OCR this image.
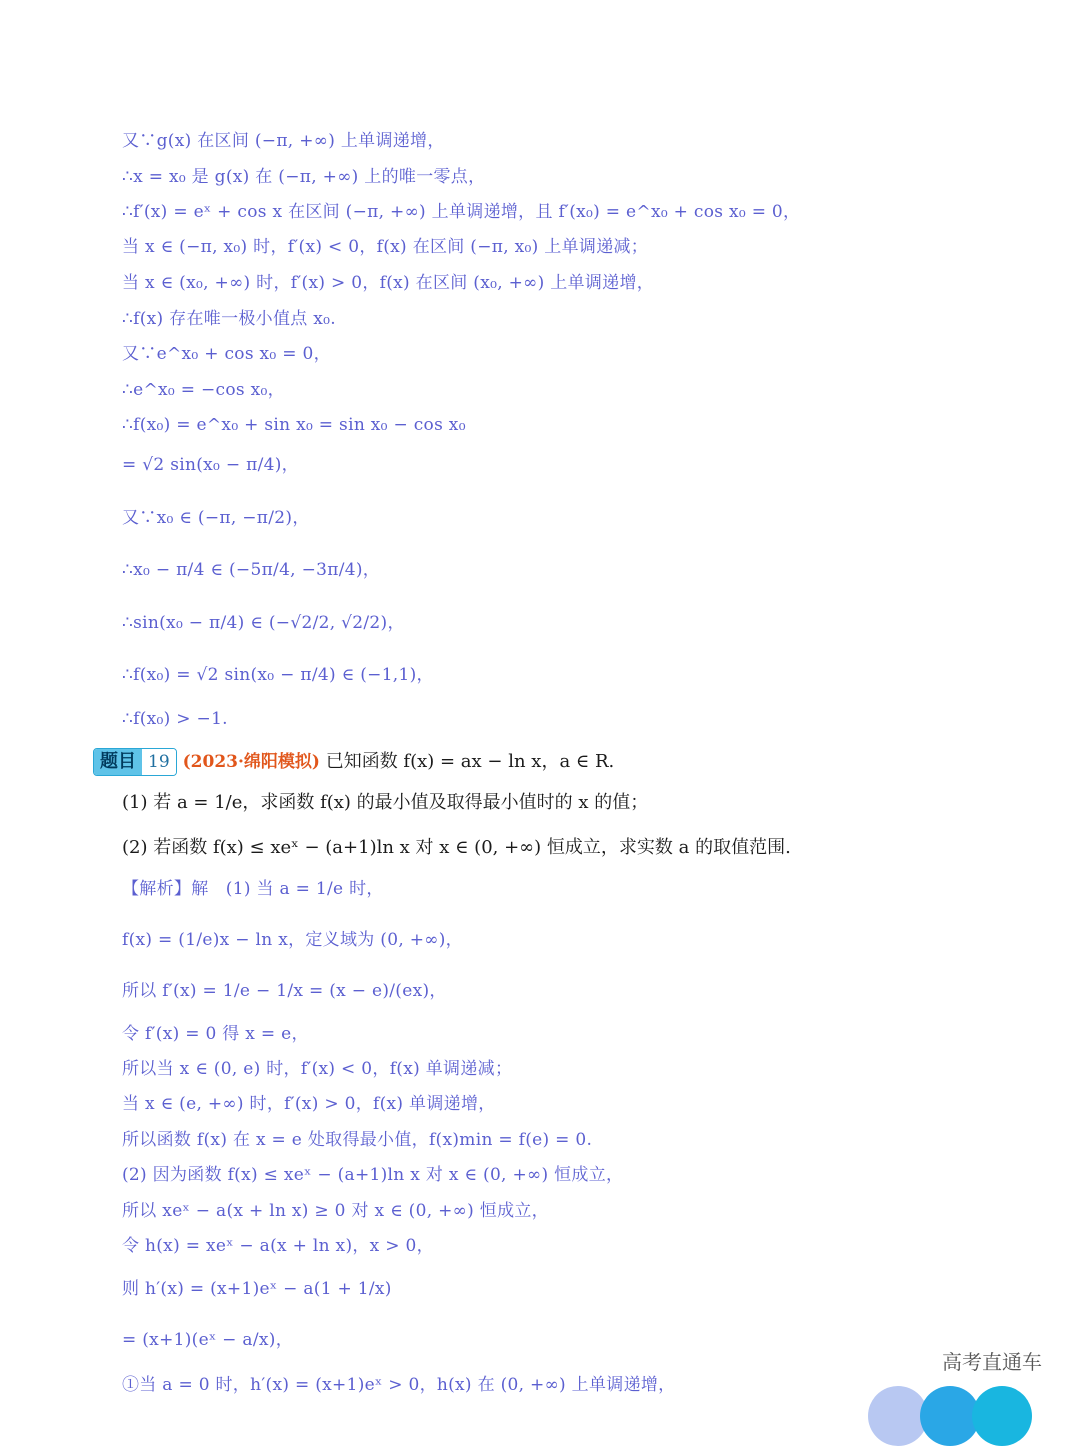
又∵g(x) 在区间 (−π, +∞) 上单调递增，
∴x = x₀ 是 g(x) 在 (−π, +∞) 上的唯一零点，
∴f′(x) = eˣ + cos x 在区间 (−π, +∞) 上单调递增，且 f′(x₀) = e^x₀ + cos x₀ = 0，
当 x ∈ (−π, x₀) 时，f′(x) < 0，f(x) 在区间 (−π, x₀) 上单调递减；
当 x ∈ (x₀, +∞) 时，f′(x) > 0，f(x) 在区间 (x₀, +∞) 上单调递增，
∴f(x) 存在唯一极小值点 x₀.
又∵e^x₀ + cos x₀ = 0，
∴e^x₀ = −cos x₀，
∴f(x₀) = e^x₀ + sin x₀ = sin x₀ − cos x₀
= √2 sin(x₀ − π/4)，
又∵x₀ ∈ (−π, −π/2)，
∴x₀ − π/4 ∈ (−5π/4, −3π/4)，
∴sin(x₀ − π/4) ∈ (−√2/2, √2/2)，
∴f(x₀) = √2 sin(x₀ − π/4) ∈ (−1,1)，
∴f(x₀) > −1.
题目 19 (2023·绵阳模拟) 已知函数 f(x) = ax − ln x，a ∈ R.
(1) 若 a = 1/e，求函数 f(x) 的最小值及取得最小值时的 x 的值；
(2) 若函数 f(x) ≤ xeˣ − (a+1)ln x 对 x ∈ (0, +∞) 恒成立，求实数 a 的取值范围.
【解析】解　(1) 当 a = 1/e 时，
f(x) = (1/e)x − ln x，定义域为 (0, +∞)，
所以 f′(x) = 1/e − 1/x = (x − e)/(ex)，
令 f′(x) = 0 得 x = e，
所以当 x ∈ (0, e) 时，f′(x) < 0，f(x) 单调递减；
当 x ∈ (e, +∞) 时，f′(x) > 0，f(x) 单调递增，
所以函数 f(x) 在 x = e 处取得最小值，f(x)min = f(e) = 0.
(2) 因为函数 f(x) ≤ xeˣ − (a+1)ln x 对 x ∈ (0, +∞) 恒成立，
所以 xeˣ − a(x + ln x) ≥ 0 对 x ∈ (0, +∞) 恒成立，
令 h(x) = xeˣ − a(x + ln x)，x > 0，
则 h′(x) = (x+1)eˣ − a(1 + 1/x)
= (x+1)(eˣ − a/x)，
①当 a = 0 时，h′(x) = (x+1)eˣ > 0，h(x) 在 (0, +∞) 上单调递增，
高考直通车
